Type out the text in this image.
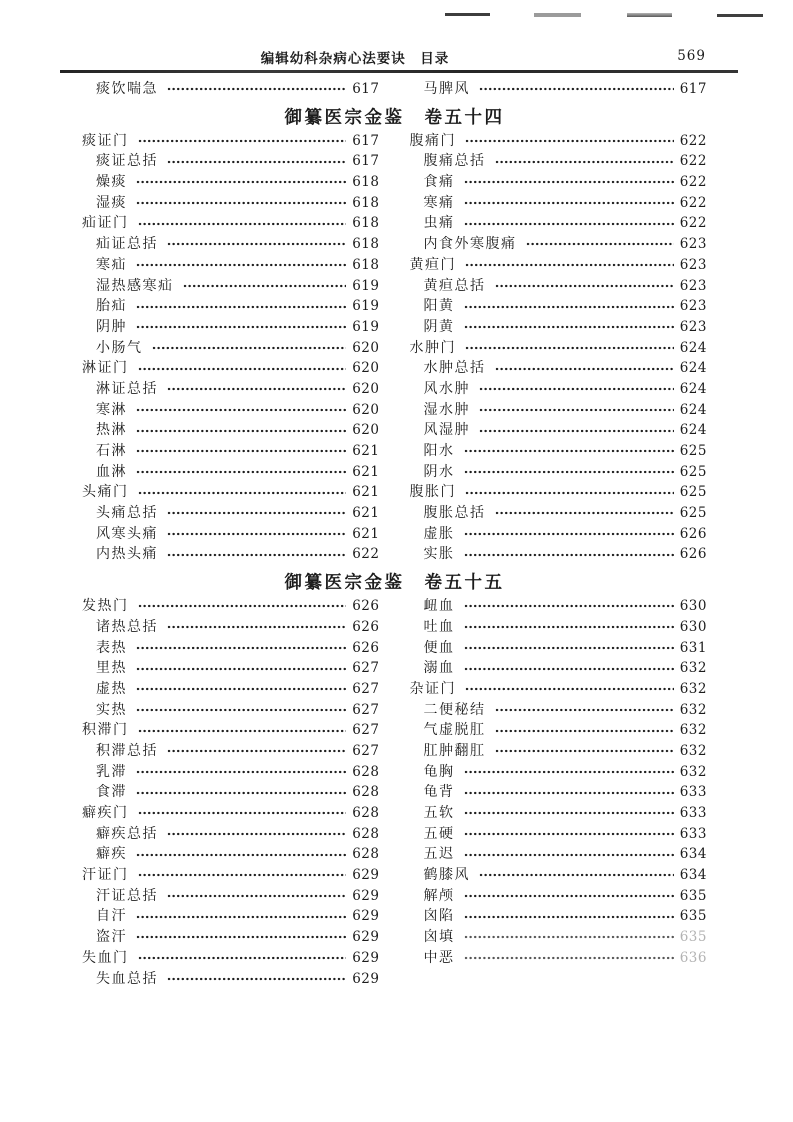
编辑幼科杂病心法要诀　目录	569
痰饮喘急	617	马脾风	617
御纂医宗金鉴　卷五十四
痰证门	617
痰证总括	617
燥痰	618
湿痰	618
疝证门	618
疝证总括	618
寒疝	618
湿热感寒疝	619
胎疝	619
阴肿	619
小肠气	620
淋证门	620
淋证总括	620
寒淋	620
热淋	620
石淋	621
血淋	621
头痛门	621
头痛总括	621
风寒头痛	621
内热头痛	622
腹痛门	622
腹痛总括	622
食痛	622
寒痛	622
虫痛	622
内食外寒腹痛	623
黄疸门	623
黄疸总括	623
阳黄	623
阴黄	623
水肿门	624
水肿总括	624
风水肿	624
湿水肿	624
风湿肿	624
阳水	625
阴水	625
腹胀门	625
腹胀总括	625
虚胀	626
实胀	626
御纂医宗金鉴　卷五十五
发热门	626
诸热总括	626
表热	626
里热	627
虚热	627
实热	627
积滞门	627
积滞总括	627
乳滞	628
食滞	628
癖疾门	628
癖疾总括	628
癖疾	628
汗证门	629
汗证总括	629
自汗	629
盗汗	629
失血门	629
失血总括	629
衄血	630
吐血	630
便血	631
溺血	632
杂证门	632
二便秘结	632
气虚脱肛	632
肛肿翻肛	632
龟胸	632
龟背	633
五软	633
五硬	633
五迟	634
鹤膝风	634
解颅	635
囟陷	635
囟填	635
中恶	636
